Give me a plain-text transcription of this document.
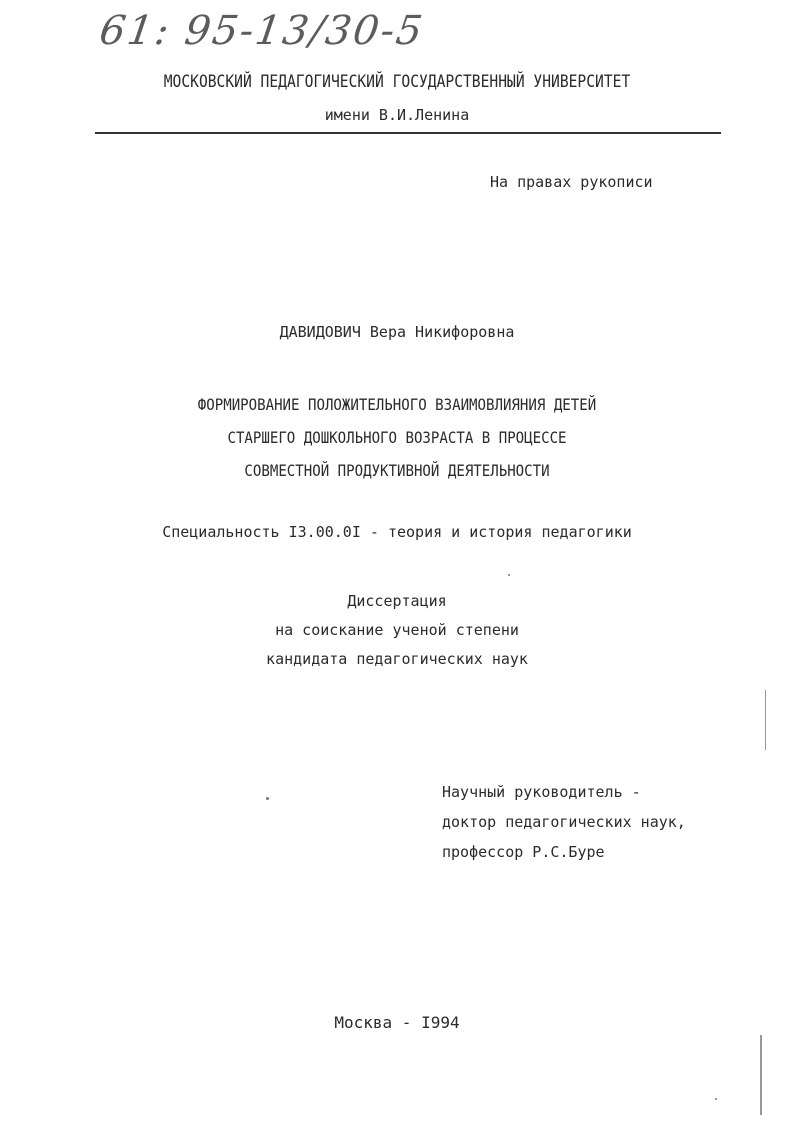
61: 95-13/30-5
МОСКОВСКИЙ ПЕДАГОГИЧЕСКИЙ ГОСУДАРСТВЕННЫЙ УНИВЕРСИТЕТ
имени В.И.Ленина
На правах рукописи
ДАВИДОВИЧ Вера Никифоровна
ФОРМИРОВАНИЕ ПОЛОЖИТЕЛЬНОГО ВЗАИМОВЛИЯНИЯ ДЕТЕЙ
СТАРШЕГО ДОШКОЛЬНОГО ВОЗРАСТА В ПРОЦЕССЕ
СОВМЕСТНОЙ ПРОДУКТИВНОЙ ДЕЯТЕЛЬНОСТИ
Специальность I3.00.0I - теория и история педагогики
Диссертация
на соискание ученой степени
кандидата педагогических наук
Научный руководитель -
доктор педагогических наук,
профессор Р.С.Буре
Москва - I994
